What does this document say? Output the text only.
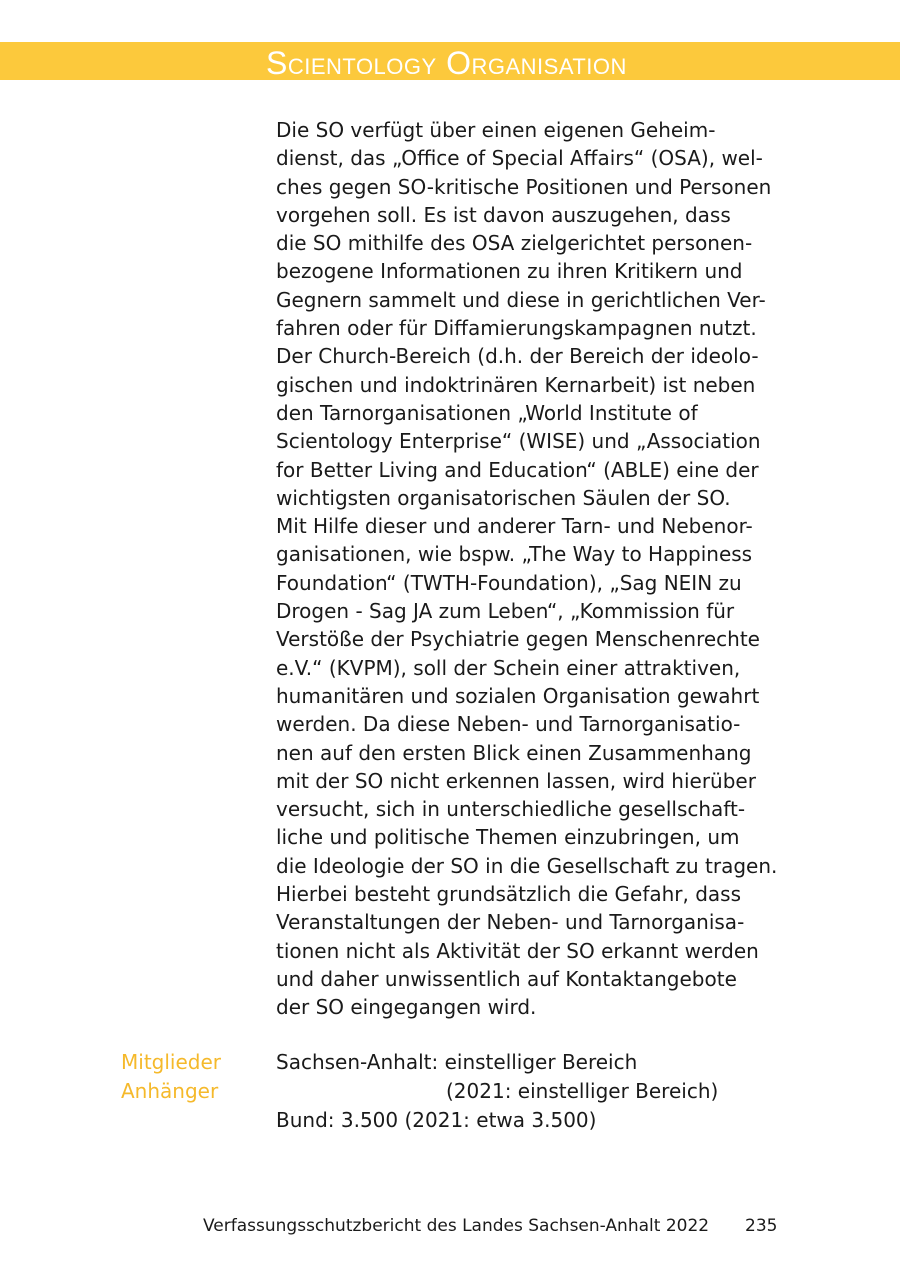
Scientology Organisation
Die SO verfügt über einen eigenen Geheim-
dienst, das „Office of Special Affairs“ (OSA), wel-
ches gegen SO-kritische Positionen und Personen
vorgehen soll. Es ist davon auszugehen, dass
die SO mithilfe des OSA zielgerichtet personen-
bezogene Informationen zu ihren Kritikern und
Gegnern sammelt und diese in gerichtlichen Ver-
fahren oder für Diffamierungskampagnen nutzt.
Der Church-Bereich (d.h. der Bereich der ideolo-
gischen und indoktrinären Kernarbeit) ist neben
den Tarnorganisationen „World Institute of
Scientology Enterprise“ (WISE) und „Association
for Better Living and Education“ (ABLE) eine der
wichtigsten organisatorischen Säulen der SO.
Mit Hilfe dieser und anderer Tarn- und Nebenor-
ganisationen, wie bspw. „The Way to Happiness
Foundation“ (TWTH-Foundation), „Sag NEIN zu
Drogen - Sag JA zum Leben“, „Kommission für
Verstöße der Psychiatrie gegen Menschenrechte
e.V.“ (KVPM), soll der Schein einer attraktiven,
humanitären und sozialen Organisation gewahrt
werden. Da diese Neben- und Tarnorganisatio-
nen auf den ersten Blick einen Zusammenhang
mit der SO nicht erkennen lassen, wird hierüber
versucht, sich in unterschiedliche gesellschaft-
liche und politische Themen einzubringen, um
die Ideologie der SO in die Gesellschaft zu tragen.
Hierbei besteht grundsätzlich die Gefahr, dass
Veranstaltungen der Neben- und Tarnorganisa-
tionen nicht als Aktivität der SO erkannt werden
und daher unwissentlich auf Kontaktangebote
der SO eingegangen wird.
Mitglieder
Anhänger
Sachsen-Anhalt: einstelliger Bereich
(2021: einstelliger Bereich)
Bund: 3.500 (2021: etwa 3.500)
Verfassungsschutzbericht des Landes Sachsen-Anhalt 2022 235
